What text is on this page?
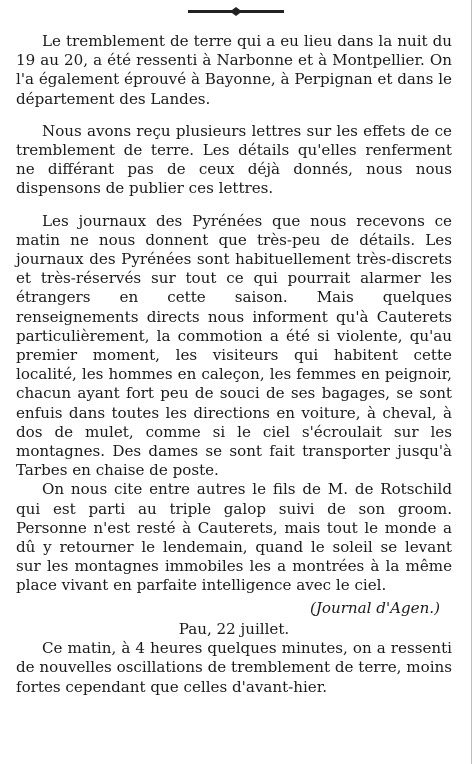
Le tremblement de terre qui a eu lieu dans la nuit du 19 au 20, a été ressenti à Narbonne et à Montpellier. On l'a également éprouvé à Bayonne, à Perpignan et dans le département des Landes.

Nous avons reçu plusieurs lettres sur les effets de ce tremblement de terre. Les détails qu'elles renferment ne différant pas de ceux déjà donnés, nous nous dispensons de publier ces lettres.

Les journaux des Pyrénées que nous recevons ce matin ne nous donnent que très-peu de détails. Les journaux des Pyrénées sont habituellement très-discrets et très-réservés sur tout ce qui pourrait alarmer les étrangers en cette saison. Mais quelques renseignements directs nous informent qu'à Cauterets particulièrement, la commotion a été si violente, qu'au premier moment, les visiteurs qui habitent cette localité, les hommes en caleçon, les femmes en peignoir, chacun ayant fort peu de souci de ses bagages, se sont enfuis dans toutes les directions en voiture, à cheval, à dos de mulet, comme si le ciel s'écroulait sur les montagnes. Des dames se sont fait transporter jusqu'à Tarbes en chaise de poste.

On nous cite entre autres le fils de M. de Rotschild qui est parti au triple galop suivi de son groom. Personne n'est resté à Cauterets, mais tout le monde a dû y retourner le lendemain, quand le soleil se levant sur les montagnes immobiles les a montrées à la même place vivant en parfaite intelligence avec le ciel.

(Journal d'Agen.)

Pau, 22 juillet.

Ce matin, à 4 heures quelques minutes, on a ressenti de nouvelles oscillations de tremblement de terre, moins fortes cependant que celles d'avant-hier.
